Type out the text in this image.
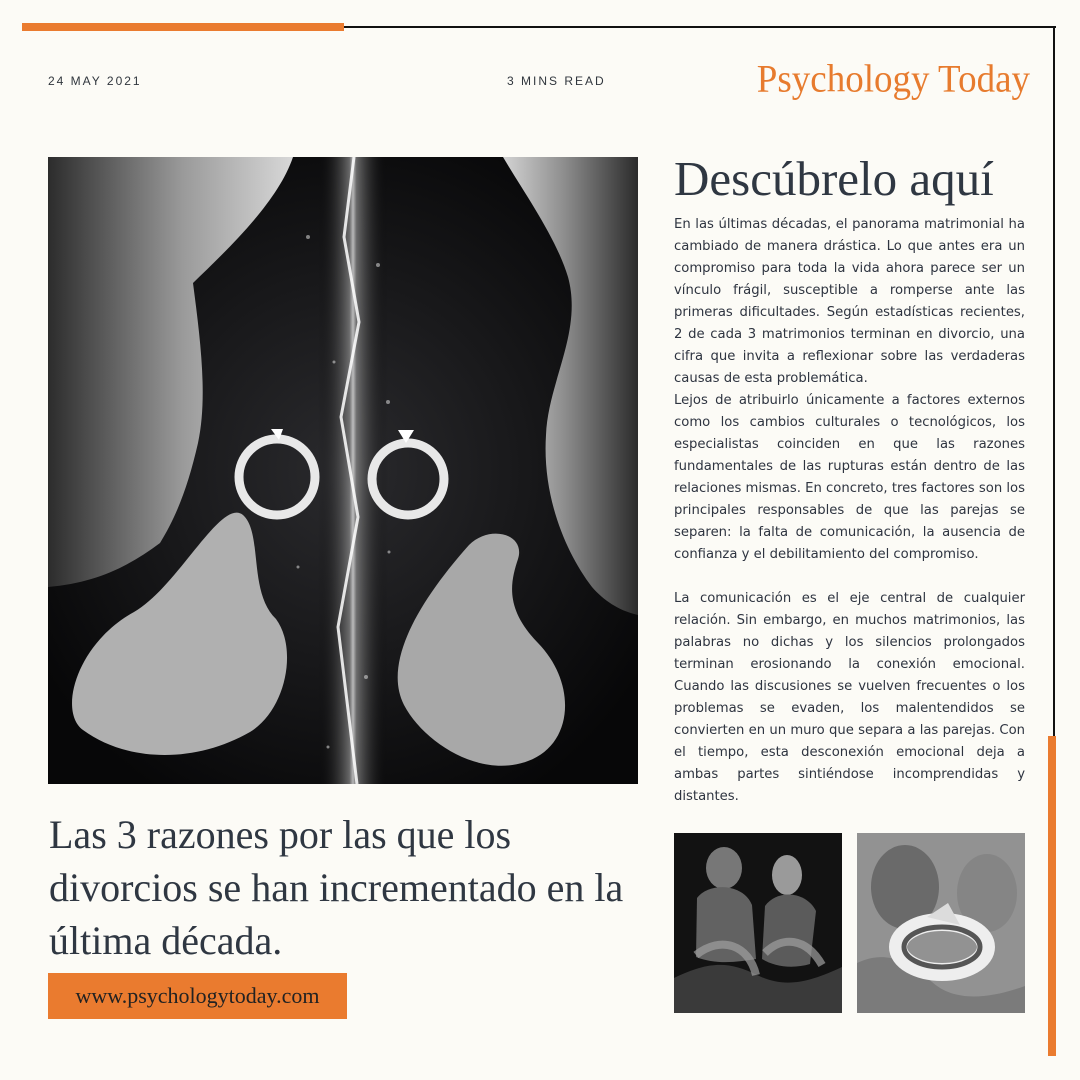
24 MAY 2021	3 MINS READ	Psychology Today
Las 3 razones por las que los divorcios se han incrementado en la última década.
www.psychologytoday.com
Descúbrelo aquí

En las últimas décadas, el panorama matrimonial ha cambiado de manera drástica. Lo que antes era un compromiso para toda la vida ahora parece ser un vínculo frágil, susceptible a romperse ante las primeras dificultades. Según estadísticas recientes, 2 de cada 3 matrimonios terminan en divorcio, una cifra que invita a reflexionar sobre las verdaderas causas de esta problemática.

Lejos de atribuirlo únicamente a factores externos como los cambios culturales o tecnológicos, los especialistas coinciden en que las razones fundamentales de las rupturas están dentro de las relaciones mismas. En concreto, tres factores son los principales responsables de que las parejas se separen: la falta de comunicación, la ausencia de confianza y el debilitamiento del compromiso.

La comunicación es el eje central de cualquier relación. Sin embargo, en muchos matrimonios, las palabras no dichas y los silencios prolongados terminan erosionando la conexión emocional. Cuando las discusiones se vuelven frecuentes o los problemas se evaden, los malentendidos se convierten en un muro que separa a las parejas. Con el tiempo, esta desconexión emocional deja a ambas partes sintiéndose incomprendidas y distantes.
